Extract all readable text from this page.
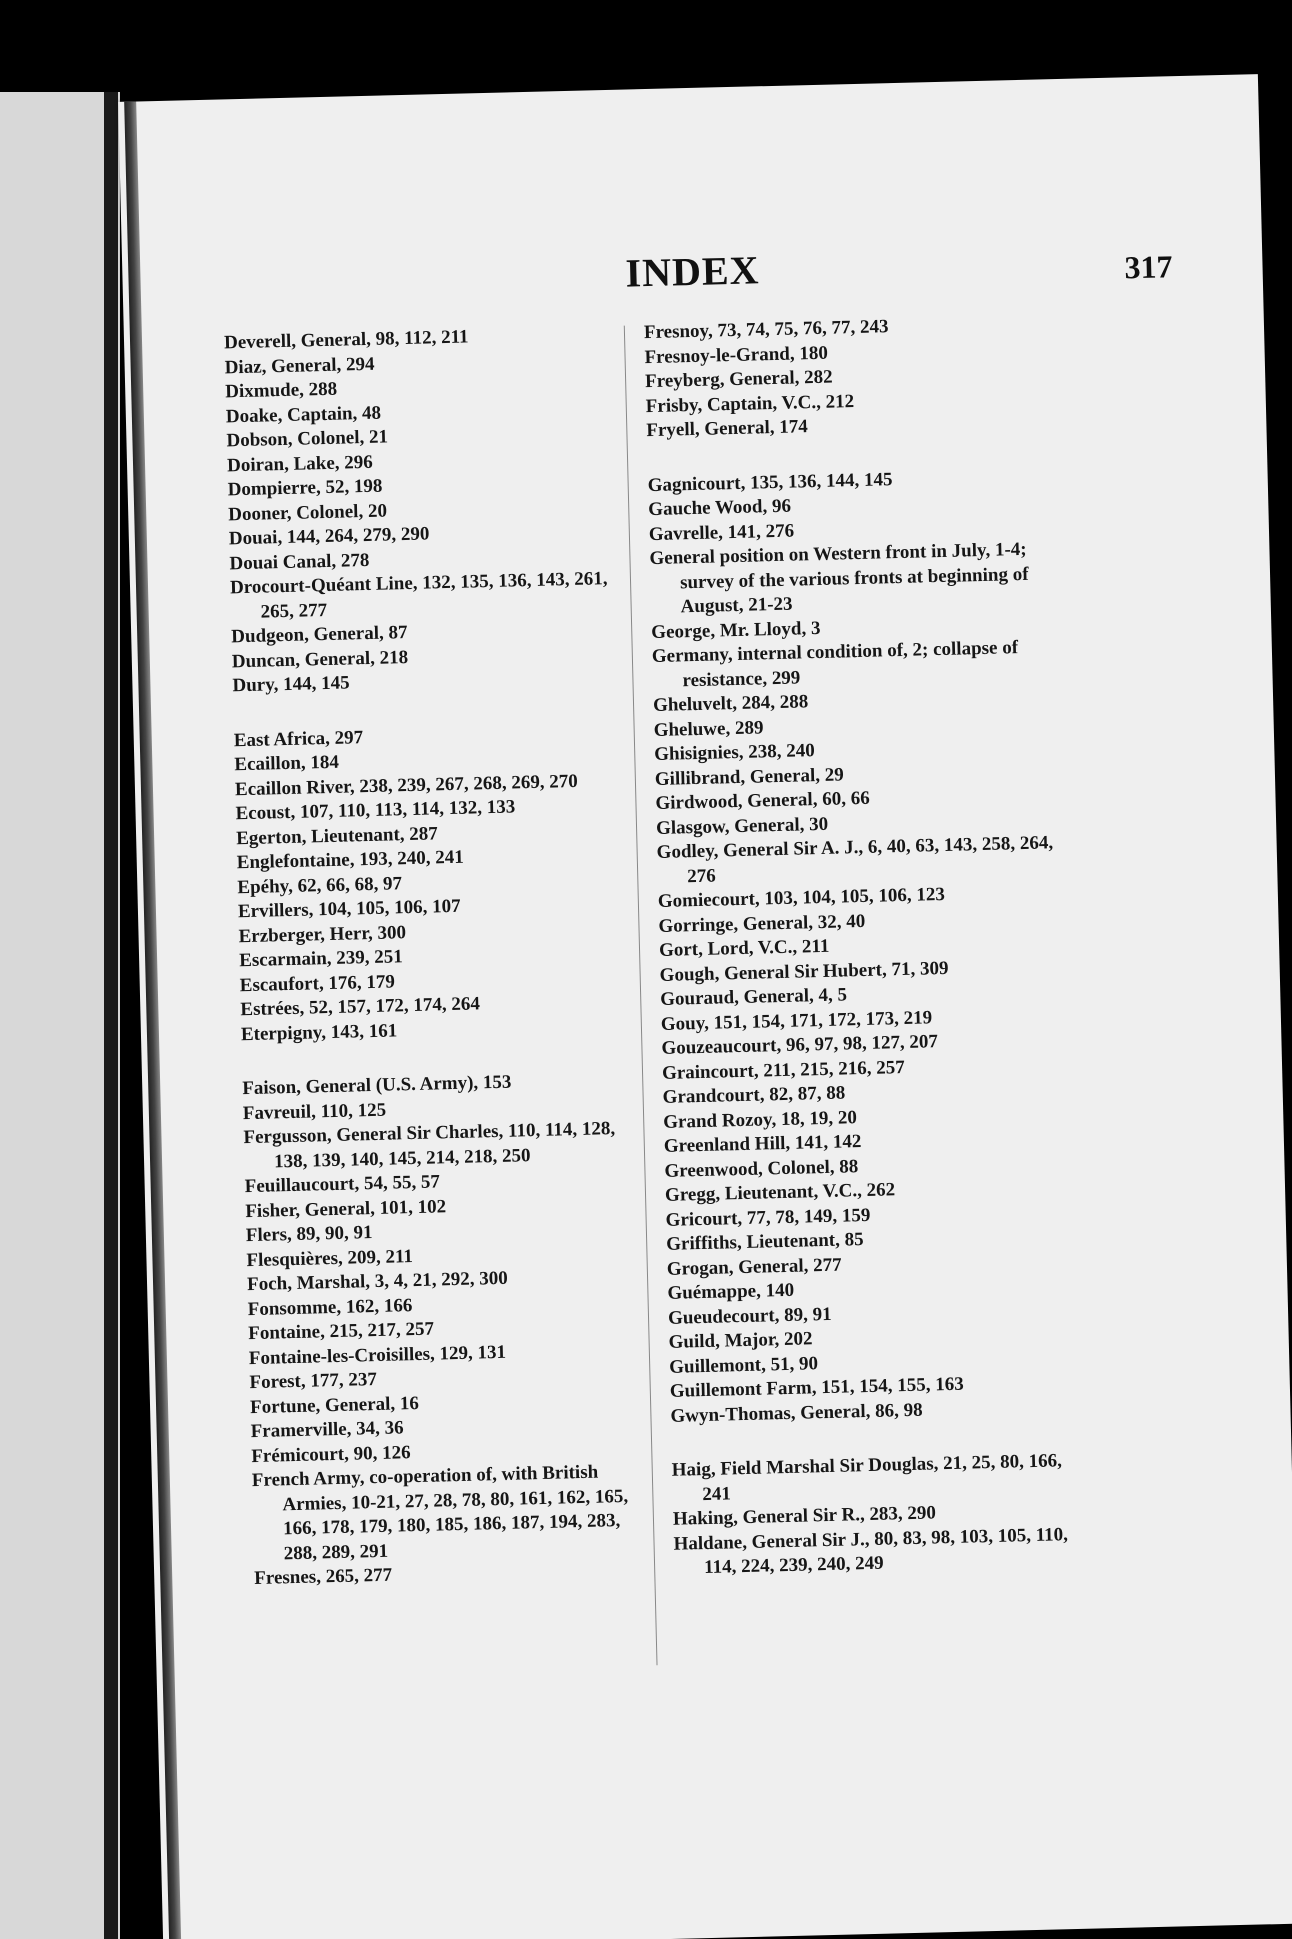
INDEX	317
Deverell, General, 98, 112, 211
Diaz, General, 294
Dixmude, 288
Doake, Captain, 48
Dobson, Colonel, 21
Doiran, Lake, 296
Dompierre, 52, 198
Dooner, Colonel, 20
Douai, 144, 264, 279, 290
Douai Canal, 278
Drocourt-Quéant Line, 132, 135, 136, 143, 261, 265, 277
Dudgeon, General, 87
Duncan, General, 218
Dury, 144, 145
East Africa, 297
Ecaillon, 184
Ecaillon River, 238, 239, 267, 268, 269, 270
Ecoust, 107, 110, 113, 114, 132, 133
Egerton, Lieutenant, 287
Englefontaine, 193, 240, 241
Epéhy, 62, 66, 68, 97
Ervillers, 104, 105, 106, 107
Erzberger, Herr, 300
Escarmain, 239, 251
Escaufort, 176, 179
Estrées, 52, 157, 172, 174, 264
Eterpigny, 143, 161
Faison, General (U.S. Army), 153
Favreuil, 110, 125
Fergusson, General Sir Charles, 110, 114, 128, 138, 139, 140, 145, 214, 218, 250
Feuillaucourt, 54, 55, 57
Fisher, General, 101, 102
Flers, 89, 90, 91
Flesquières, 209, 211
Foch, Marshal, 3, 4, 21, 292, 300
Fonsomme, 162, 166
Fontaine, 215, 217, 257
Fontaine-les-Croisilles, 129, 131
Forest, 177, 237
Fortune, General, 16
Framerville, 34, 36
Frémicourt, 90, 126
French Army, co-operation of, with British Armies, 10-21, 27, 28, 78, 80, 161, 162, 165, 166, 178, 179, 180, 185, 186, 187, 194, 283, 288, 289, 291
Fresnes, 265, 277
Fresnoy, 73, 74, 75, 76, 77, 243
Fresnoy-le-Grand, 180
Freyberg, General, 282
Frisby, Captain, V.C., 212
Fryell, General, 174
Gagnicourt, 135, 136, 144, 145
Gauche Wood, 96
Gavrelle, 141, 276
General position on Western front in July, 1-4; survey of the various fronts at beginning of August, 21-23
George, Mr. Lloyd, 3
Germany, internal condition of, 2; collapse of resistance, 299
Gheluvelt, 284, 288
Gheluwe, 289
Ghisignies, 238, 240
Gillibrand, General, 29
Girdwood, General, 60, 66
Glasgow, General, 30
Godley, General Sir A. J., 6, 40, 63, 143, 258, 264, 276
Gomiecourt, 103, 104, 105, 106, 123
Gorringe, General, 32, 40
Gort, Lord, V.C., 211
Gough, General Sir Hubert, 71, 309
Gouraud, General, 4, 5
Gouy, 151, 154, 171, 172, 173, 219
Gouzeaucourt, 96, 97, 98, 127, 207
Graincourt, 211, 215, 216, 257
Grandcourt, 82, 87, 88
Grand Rozoy, 18, 19, 20
Greenland Hill, 141, 142
Greenwood, Colonel, 88
Gregg, Lieutenant, V.C., 262
Gricourt, 77, 78, 149, 159
Griffiths, Lieutenant, 85
Grogan, General, 277
Guémappe, 140
Gueudecourt, 89, 91
Guild, Major, 202
Guillemont, 51, 90
Guillemont Farm, 151, 154, 155, 163
Gwyn-Thomas, General, 86, 98
Haig, Field Marshal Sir Douglas, 21, 25, 80, 166, 241
Haking, General Sir R., 283, 290
Haldane, General Sir J., 80, 83, 98, 103, 105, 110, 114, 224, 239, 240, 249
